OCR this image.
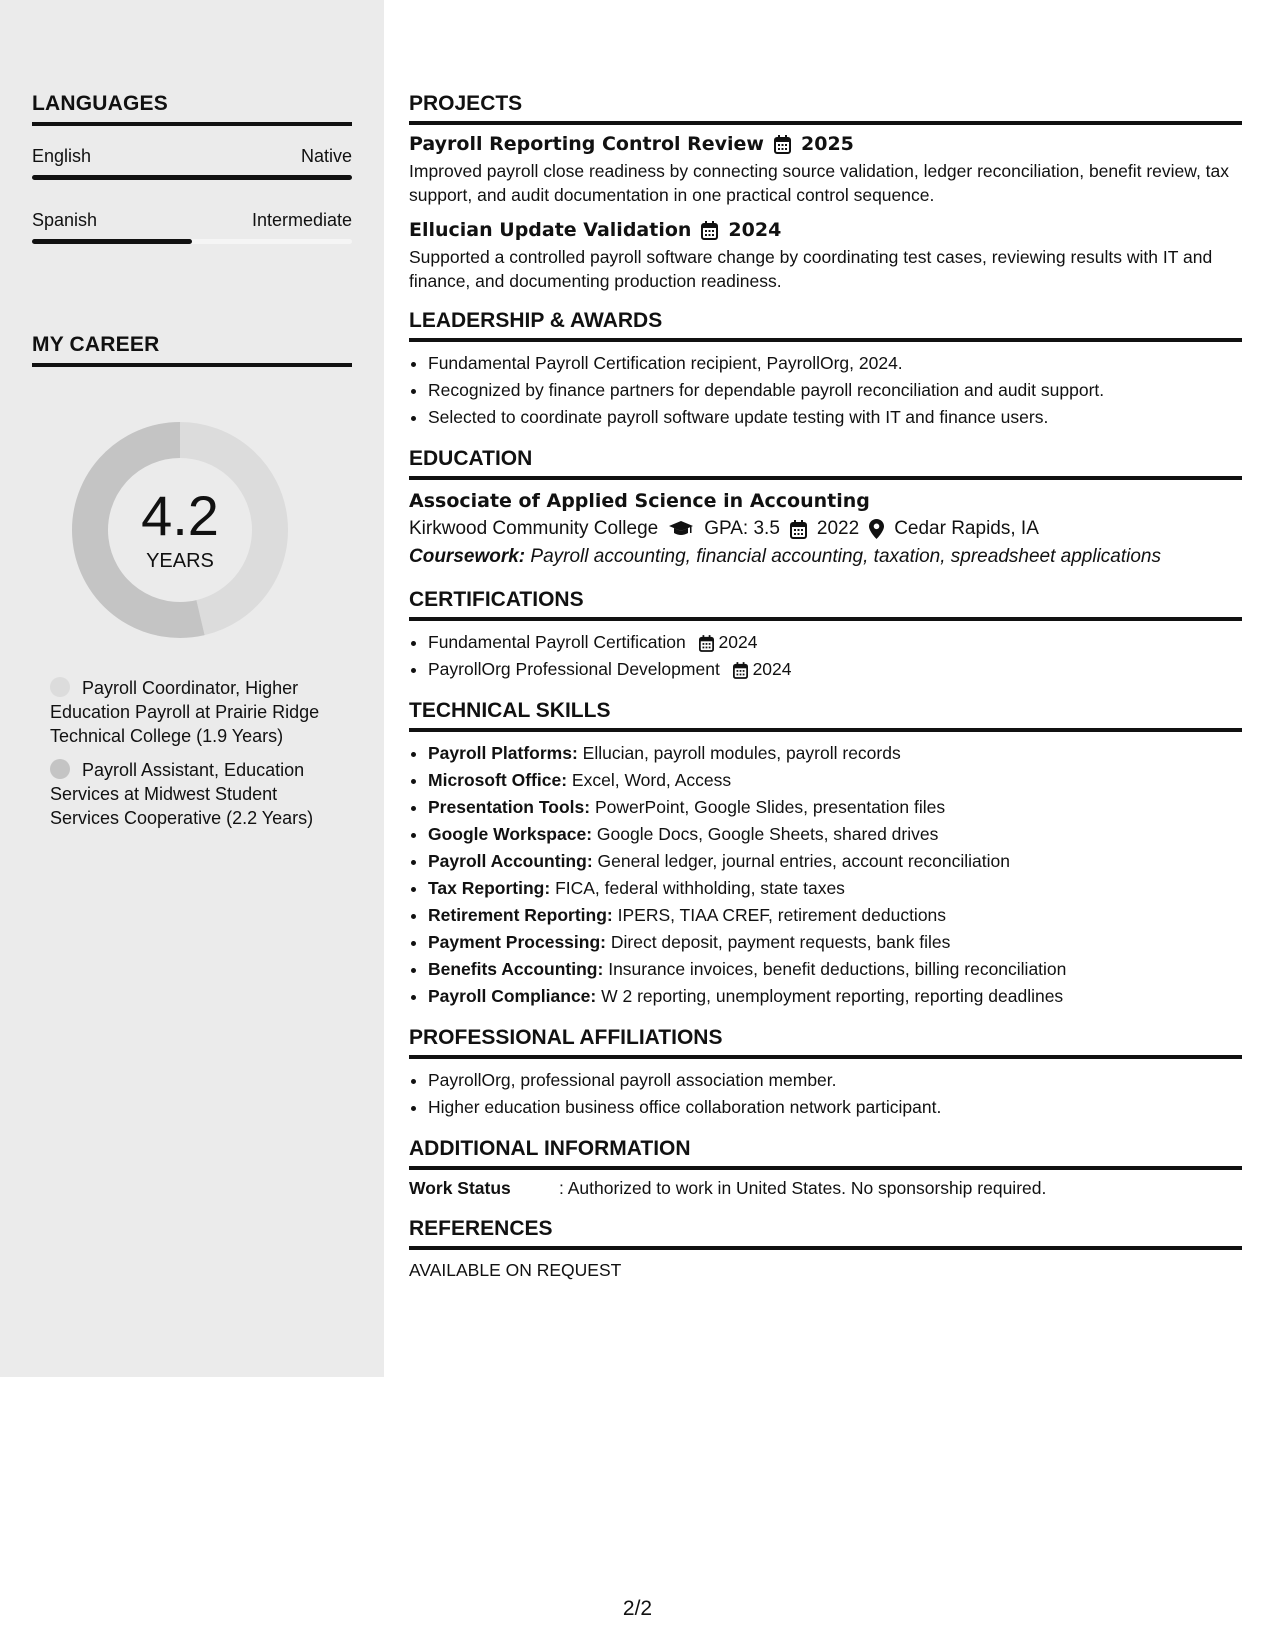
LANGUAGES
English	Native
Spanish	Intermediate
MY CAREER
4.2
YEARS
Payroll Coordinator, Higher Education Payroll at Prairie Ridge Technical College (1.9 Years)
Payroll Assistant, Education Services at Midwest Student Services Cooperative (2.2 Years)
PROJECTS
Payroll Reporting Control Review 2025
Improved payroll close readiness by connecting source validation, ledger reconciliation, benefit review, tax support, and audit documentation in one practical control sequence.
Ellucian Update Validation 2024
Supported a controlled payroll software change by coordinating test cases, reviewing results with IT and finance, and documenting production readiness.
LEADERSHIP & AWARDS
• Fundamental Payroll Certification recipient, PayrollOrg, 2024.
• Recognized by finance partners for dependable payroll reconciliation and audit support.
• Selected to coordinate payroll software update testing with IT and finance users.
EDUCATION
Associate of Applied Science in Accounting
Kirkwood Community College GPA: 3.5 2022 Cedar Rapids, IA
Coursework: Payroll accounting, financial accounting, taxation, spreadsheet applications
CERTIFICATIONS
• Fundamental Payroll Certification 2024
• PayrollOrg Professional Development 2024
TECHNICAL SKILLS
• Payroll Platforms: Ellucian, payroll modules, payroll records
• Microsoft Office: Excel, Word, Access
• Presentation Tools: PowerPoint, Google Slides, presentation files
• Google Workspace: Google Docs, Google Sheets, shared drives
• Payroll Accounting: General ledger, journal entries, account reconciliation
• Tax Reporting: FICA, federal withholding, state taxes
• Retirement Reporting: IPERS, TIAA CREF, retirement deductions
• Payment Processing: Direct deposit, payment requests, bank files
• Benefits Accounting: Insurance invoices, benefit deductions, billing reconciliation
• Payroll Compliance: W 2 reporting, unemployment reporting, reporting deadlines
PROFESSIONAL AFFILIATIONS
• PayrollOrg, professional payroll association member.
• Higher education business office collaboration network participant.
ADDITIONAL INFORMATION
Work Status	: Authorized to work in United States. No sponsorship required.
REFERENCES
AVAILABLE ON REQUEST
2/2
